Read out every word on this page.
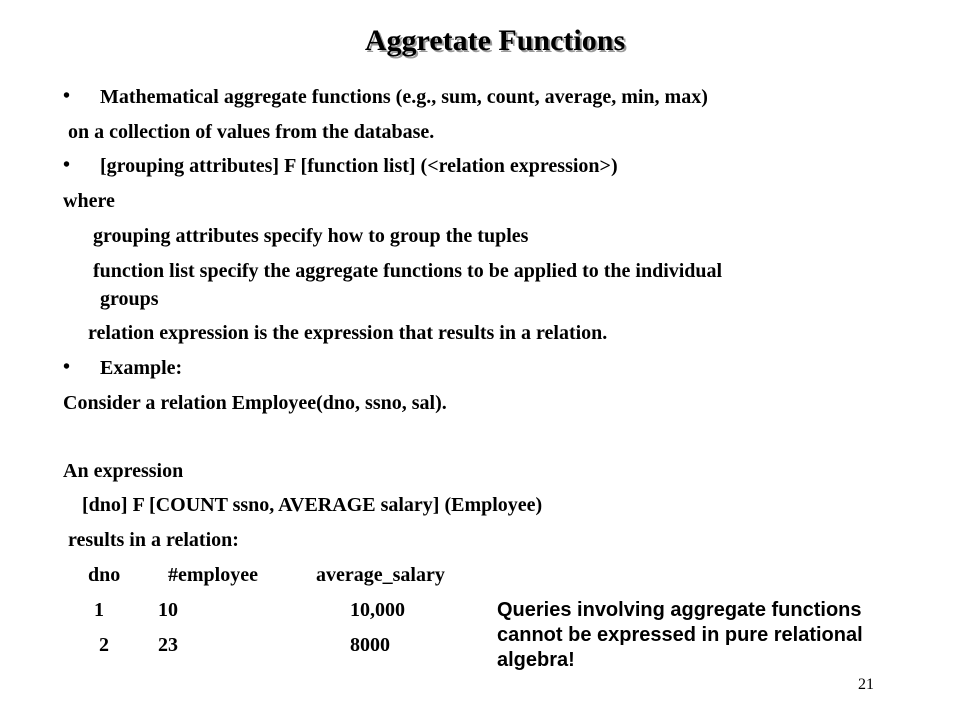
Aggretate Functions
• Mathematical aggregate functions (e.g., sum, count, average, min, max)
on a collection of values from the database.
• [grouping attributes] F [function list] (<relation expression>)
where
grouping attributes specify how to group the tuples
function list specify the aggregate functions to be applied to the individual
groups
relation expression is the expression that results in a relation.
• Example:
Consider a relation Employee(dno, ssno, sal).
An expression
[dno] F [COUNT ssno, AVERAGE salary] (Employee)
results in a relation:
dno #employee	average_salary
1	10	10,000
2 23	8000
Queries involving aggregate functions cannot be expressed in pure relational algebra!
21
